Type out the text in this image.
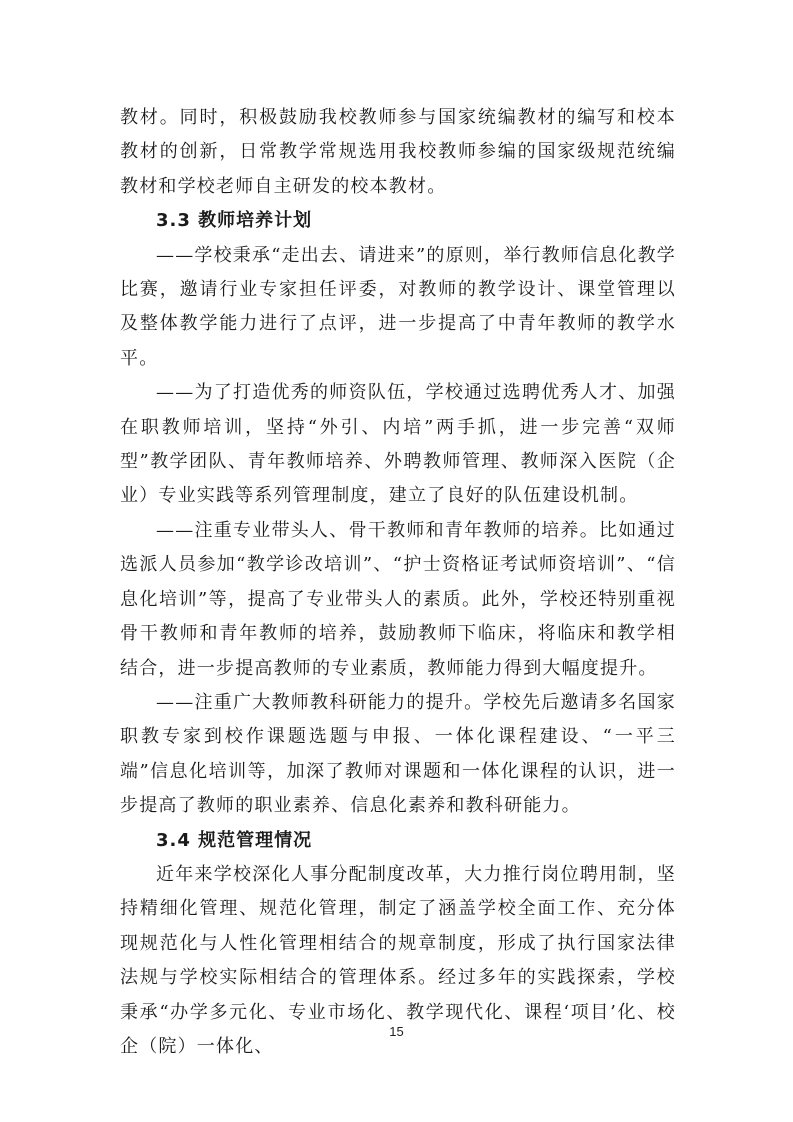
教材。同时，积极鼓励我校教师参与国家统编教材的编写和校本教材的创新，日常教学常规选用我校教师参编的国家级规范统编教材和学校老师自主研发的校本教材。

3.3 教师培养计划

——学校秉承“走出去、请进来”的原则，举行教师信息化教学比赛，邀请行业专家担任评委，对教师的教学设计、课堂管理以及整体教学能力进行了点评，进一步提高了中青年教师的教学水平。

——为了打造优秀的师资队伍，学校通过选聘优秀人才、加强在职教师培训，坚持“外引、内培”两手抓，进一步完善“双师型”教学团队、青年教师培养、外聘教师管理、教师深入医院（企业）专业实践等系列管理制度，建立了良好的队伍建设机制。

——注重专业带头人、骨干教师和青年教师的培养。比如通过选派人员参加“教学诊改培训”、“护士资格证考试师资培训”、“信息化培训”等，提高了专业带头人的素质。此外，学校还特别重视骨干教师和青年教师的培养，鼓励教师下临床，将临床和教学相结合，进一步提高教师的专业素质，教师能力得到大幅度提升。

——注重广大教师教科研能力的提升。学校先后邀请多名国家职教专家到校作课题选题与申报、一体化课程建设、“一平三端”信息化培训等，加深了教师对课题和一体化课程的认识，进一步提高了教师的职业素养、信息化素养和教科研能力。

3.4 规范管理情况

近年来学校深化人事分配制度改革，大力推行岗位聘用制，坚持精细化管理、规范化管理，制定了涵盖学校全面工作、充分体现规范化与人性化管理相结合的规章制度，形成了执行国家法律法规与学校实际相结合的管理体系。经过多年的实践探索，学校秉承“办学多元化、专业市场化、教学现代化、课程‘项目’化、校企（院）一体化、

15
